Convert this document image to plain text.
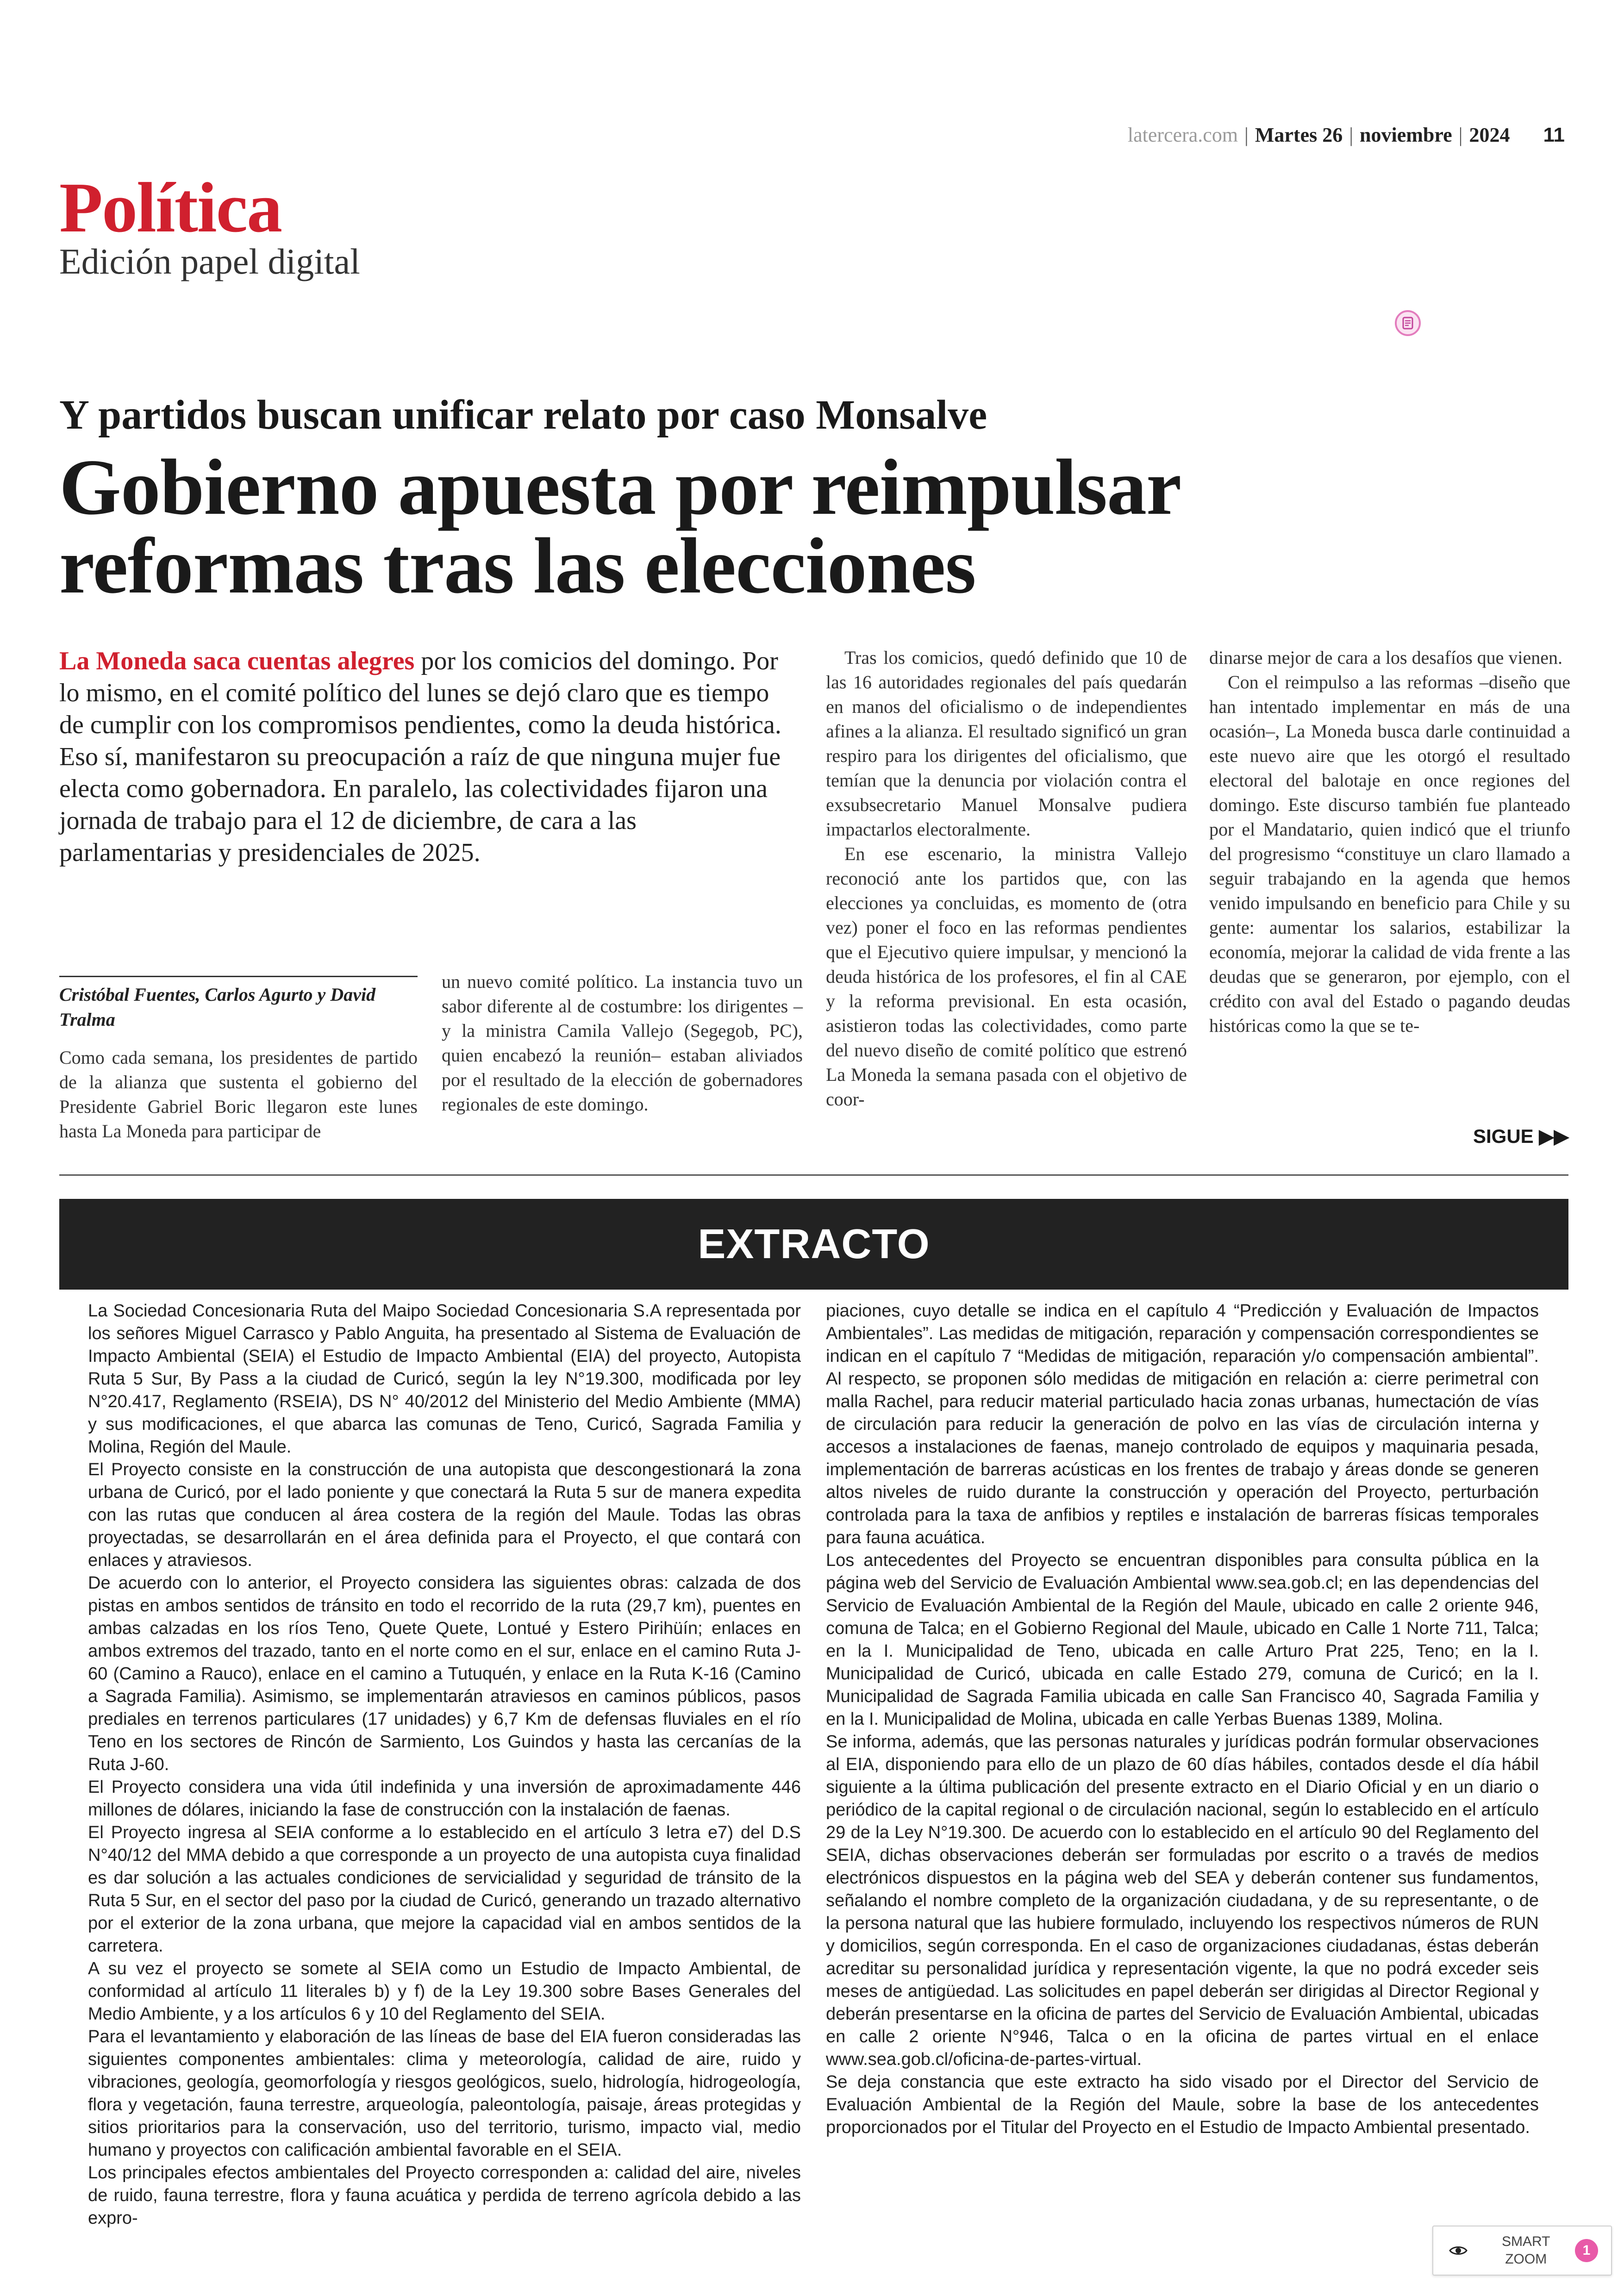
latercera.com | Martes 26 | noviembre | 2024 11
Política
Edición papel digital
Y partidos buscan unificar relato por caso Monsalve
Gobierno apuesta por reimpulsar reformas tras las elecciones
La Moneda saca cuentas alegres por los comicios del domingo. Por lo mismo, en el comité político del lunes se dejó claro que es tiempo de cumplir con los compromisos pendientes, como la deuda histórica. Eso sí, manifestaron su preocupación a raíz de que ninguna mujer fue electa como gobernadora. En paralelo, las colectividades fijaron una jornada de trabajo para el 12 de diciembre, de cara a las parlamentarias y presidenciales de 2025.
Cristóbal Fuentes, Carlos Agurto y David Tralma

Como cada semana, los presidentes de partido de la alianza que sustenta el gobierno del Presidente Gabriel Boric llegaron este lunes hasta La Moneda para participar de

un nuevo comité político. La instancia tuvo un sabor diferente al de costumbre: los dirigentes –y la ministra Camila Vallejo (Segegob, PC), quien encabezó la reunión– estaban aliviados por el resultado de la elección de gobernadores regionales de este domingo.

Tras los comicios, quedó definido que 10 de las 16 autoridades regionales del país quedarán en manos del oficialismo o de independientes afines a la alianza. El resultado significó un gran respiro para los dirigentes del oficialismo, que temían que la denuncia por violación contra el exsubsecretario Manuel Monsalve pudiera impactarlos electoralmente.

En ese escenario, la ministra Vallejo reconoció ante los partidos que, con las elecciones ya concluidas, es momento de (otra vez) poner el foco en las reformas pendientes que el Ejecutivo quiere impulsar, y mencionó la deuda histórica de los profesores, el fin al CAE y la reforma previsional. En esta ocasión, asistieron todas las colectividades, como parte del nuevo diseño de comité político que estrenó La Moneda la semana pasada con el objetivo de coor-

dinarse mejor de cara a los desafíos que vienen.

Con el reimpulso a las reformas –diseño que han intentado implementar en más de una ocasión–, La Moneda busca darle continuidad a este nuevo aire que les otorgó el resultado electoral del balotaje en once regiones del domingo. Este discurso también fue planteado por el Mandatario, quien indicó que el triunfo del progresismo “constituye un claro llamado a seguir trabajando en la agenda que hemos venido impulsando en beneficio para Chile y su gente: aumentar los salarios, estabilizar la economía, mejorar la calidad de vida frente a las deudas que se generaron, por ejemplo, con el crédito con aval del Estado o pagando deudas históricas como la que se te-

SIGUE ▶▶
EXTRACTO

La Sociedad Concesionaria Ruta del Maipo Sociedad Concesionaria S.A representada por los señores Miguel Carrasco y Pablo Anguita, ha presentado al Sistema de Evaluación de Impacto Ambiental (SEIA) el Estudio de Impacto Ambiental (EIA) del proyecto, Autopista Ruta 5 Sur, By Pass a la ciudad de Curicó, según la ley N°19.300, modificada por ley N°20.417, Reglamento (RSEIA), DS N° 40/2012 del Ministerio del Medio Ambiente (MMA) y sus modificaciones, el que abarca las comunas de Teno, Curicó, Sagrada Familia y Molina, Región del Maule.

El Proyecto consiste en la construcción de una autopista que descongestionará la zona urbana de Curicó, por el lado poniente y que conectará la Ruta 5 sur de manera expedita con las rutas que conducen al área costera de la región del Maule. Todas las obras proyectadas, se desarrollarán en el área definida para el Proyecto, el que contará con enlaces y atraviesos.

De acuerdo con lo anterior, el Proyecto considera las siguientes obras: calzada de dos pistas en ambos sentidos de tránsito en todo el recorrido de la ruta (29,7 km), puentes en ambas calzadas en los ríos Teno, Quete Quete, Lontué y Estero Pirihüín; enlaces en ambos extremos del trazado, tanto en el norte como en el sur, enlace en el camino Ruta J-60 (Camino a Rauco), enlace en el camino a Tutuquén, y enlace en la Ruta K-16 (Camino a Sagrada Familia). Asimismo, se implementarán atraviesos en caminos públicos, pasos prediales en terrenos particulares (17 unidades) y 6,7 Km de defensas fluviales en el río Teno en los sectores de Rincón de Sarmiento, Los Guindos y hasta las cercanías de la Ruta J-60.

El Proyecto considera una vida útil indefinida y una inversión de aproximadamente 446 millones de dólares, iniciando la fase de construcción con la instalación de faenas.

El Proyecto ingresa al SEIA conforme a lo establecido en el artículo 3 letra e7) del D.S N°40/12 del MMA debido a que corresponde a un proyecto de una autopista cuya finalidad es dar solución a las actuales condiciones de servicialidad y seguridad de tránsito de la Ruta 5 Sur, en el sector del paso por la ciudad de Curicó, generando un trazado alternativo por el exterior de la zona urbana, que mejore la capacidad vial en ambos sentidos de la carretera.

A su vez el proyecto se somete al SEIA como un Estudio de Impacto Ambiental, de conformidad al artículo 11 literales b) y f) de la Ley 19.300 sobre Bases Generales del Medio Ambiente, y a los artículos 6 y 10 del Reglamento del SEIA.

Para el levantamiento y elaboración de las líneas de base del EIA fueron consideradas las siguientes componentes ambientales: clima y meteorología, calidad de aire, ruido y vibraciones, geología, geomorfología y riesgos geológicos, suelo, hidrología, hidrogeología, flora y vegetación, fauna terrestre, arqueología, paleontología, paisaje, áreas protegidas y sitios prioritarios para la conservación, uso del territorio, turismo, impacto vial, medio humano y proyectos con calificación ambiental favorable en el SEIA.

Los principales efectos ambientales del Proyecto corresponden a: calidad del aire, niveles de ruido, fauna terrestre, flora y fauna acuática y perdida de terreno agrícola debido a las expro-

piaciones, cuyo detalle se indica en el capítulo 4 “Predicción y Evaluación de Impactos Ambientales”. Las medidas de mitigación, reparación y compensación correspondientes se indican en el capítulo 7 “Medidas de mitigación, reparación y/o compensación ambiental”. Al respecto, se proponen sólo medidas de mitigación en relación a: cierre perimetral con malla Rachel, para reducir material particulado hacia zonas urbanas, humectación de vías de circulación para reducir la generación de polvo en las vías de circulación interna y accesos a instalaciones de faenas, manejo controlado de equipos y maquinaria pesada, implementación de barreras acústicas en los frentes de trabajo y áreas donde se generen altos niveles de ruido durante la construcción y operación del Proyecto, perturbación controlada para la taxa de anfibios y reptiles e instalación de barreras físicas temporales para fauna acuática.

Los antecedentes del Proyecto se encuentran disponibles para consulta pública en la página web del Servicio de Evaluación Ambiental www.sea.gob.cl; en las dependencias del Servicio de Evaluación Ambiental de la Región del Maule, ubicado en calle 2 oriente 946, comuna de Talca; en el Gobierno Regional del Maule, ubicado en Calle 1 Norte 711, Talca; en la I. Municipalidad de Teno, ubicada en calle Arturo Prat 225, Teno; en la I. Municipalidad de Curicó, ubicada en calle Estado 279, comuna de Curicó; en la I. Municipalidad de Sagrada Familia ubicada en calle San Francisco 40, Sagrada Familia y en la I. Municipalidad de Molina, ubicada en calle Yerbas Buenas 1389, Molina.

Se informa, además, que las personas naturales y jurídicas podrán formular observaciones al EIA, disponiendo para ello de un plazo de 60 días hábiles, contados desde el día hábil siguiente a la última publicación del presente extracto en el Diario Oficial y en un diario o periódico de la capital regional o de circulación nacional, según lo establecido en el artículo 29 de la Ley N°19.300. De acuerdo con lo establecido en el artículo 90 del Reglamento del SEIA, dichas observaciones deberán ser formuladas por escrito o a través de medios electrónicos dispuestos en la página web del SEA y deberán contener sus fundamentos, señalando el nombre completo de la organización ciudadana, y de su representante, o de la persona natural que las hubiere formulado, incluyendo los respectivos números de RUN y domicilios, según corresponda. En el caso de organizaciones ciudadanas, éstas deberán acreditar su personalidad jurídica y representación vigente, la que no podrá exceder seis meses de antigüedad. Las solicitudes en papel deberán ser dirigidas al Director Regional y deberán presentarse en la oficina de partes del Servicio de Evaluación Ambiental, ubicadas en calle 2 oriente N°946, Talca o en la oficina de partes virtual en el enlace www.sea.gob.cl/oficina-de-partes-virtual.

Se deja constancia que este extracto ha sido visado por el Director del Servicio de Evaluación Ambiental de la Región del Maule, sobre la base de los antecedentes proporcionados por el Titular del Proyecto en el Estudio de Impacto Ambiental presentado.

SMART
ZOOM
1
